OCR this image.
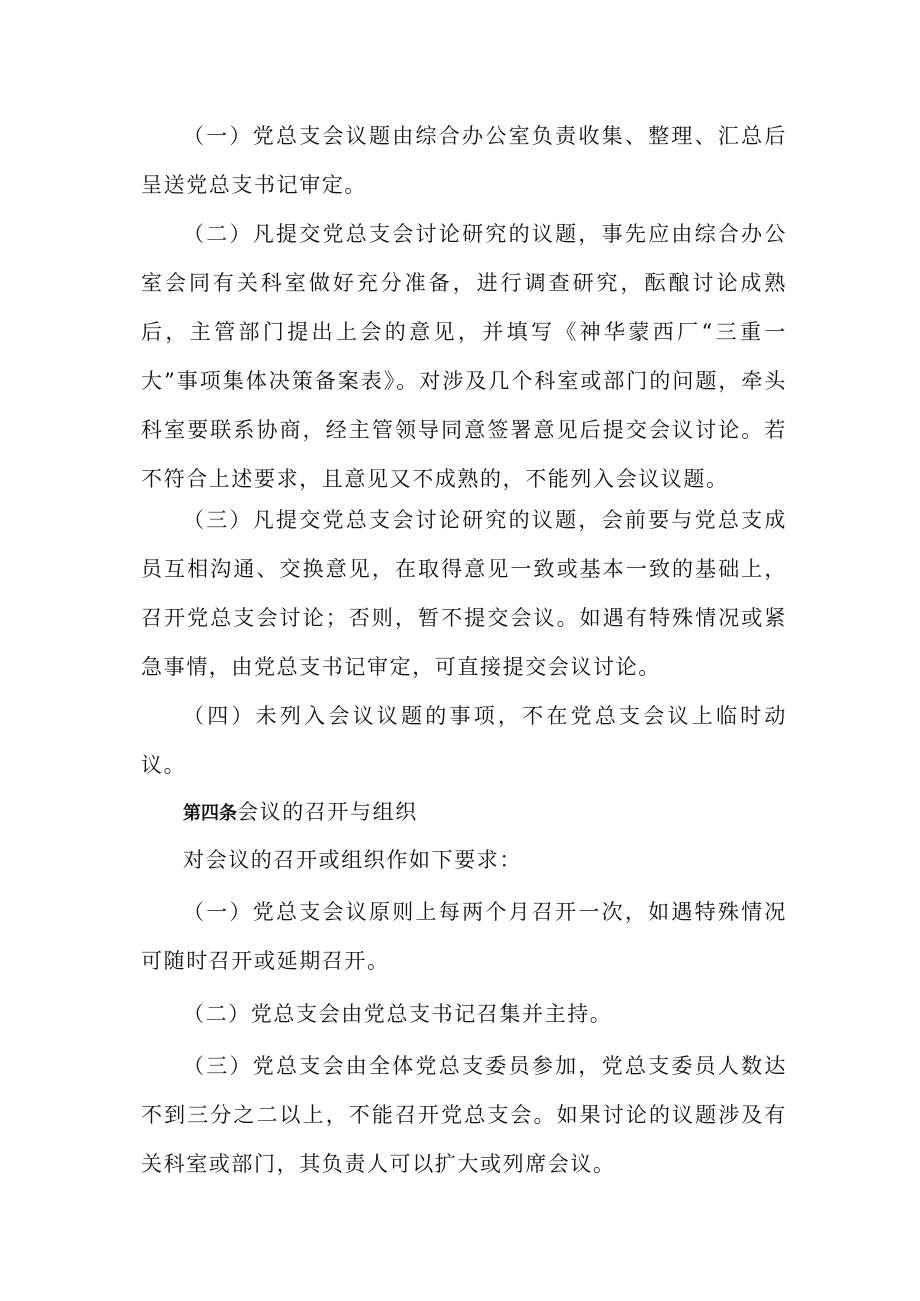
（一）党总支会议题由综合办公室负责收集、整理、汇总后呈送党总支书记审定。

（二）凡提交党总支会讨论研究的议题，事先应由综合办公室会同有关科室做好充分准备，进行调查研究，酝酿讨论成熟后，主管部门提出上会的意见，并填写《神华蒙西厂“三重一大”事项集体决策备案表》。对涉及几个科室或部门的问题，牵头科室要联系协商，经主管领导同意签署意见后提交会议讨论。若不符合上述要求，且意见又不成熟的，不能列入会议议题。

（三）凡提交党总支会讨论研究的议题，会前要与党总支成员互相沟通、交换意见，在取得意见一致或基本一致的基础上，召开党总支会讨论；否则，暂不提交会议。如遇有特殊情况或紧急事情，由党总支书记审定，可直接提交会议讨论。

（四）未列入会议议题的事项，不在党总支会议上临时动议。

第四条会议的召开与组织

对会议的召开或组织作如下要求：

（一）党总支会议原则上每两个月召开一次，如遇特殊情况可随时召开或延期召开。

（二）党总支会由党总支书记召集并主持。

（三）党总支会由全体党总支委员参加，党总支委员人数达不到三分之二以上，不能召开党总支会。如果讨论的议题涉及有关科室或部门，其负责人可以扩大或列席会议。
